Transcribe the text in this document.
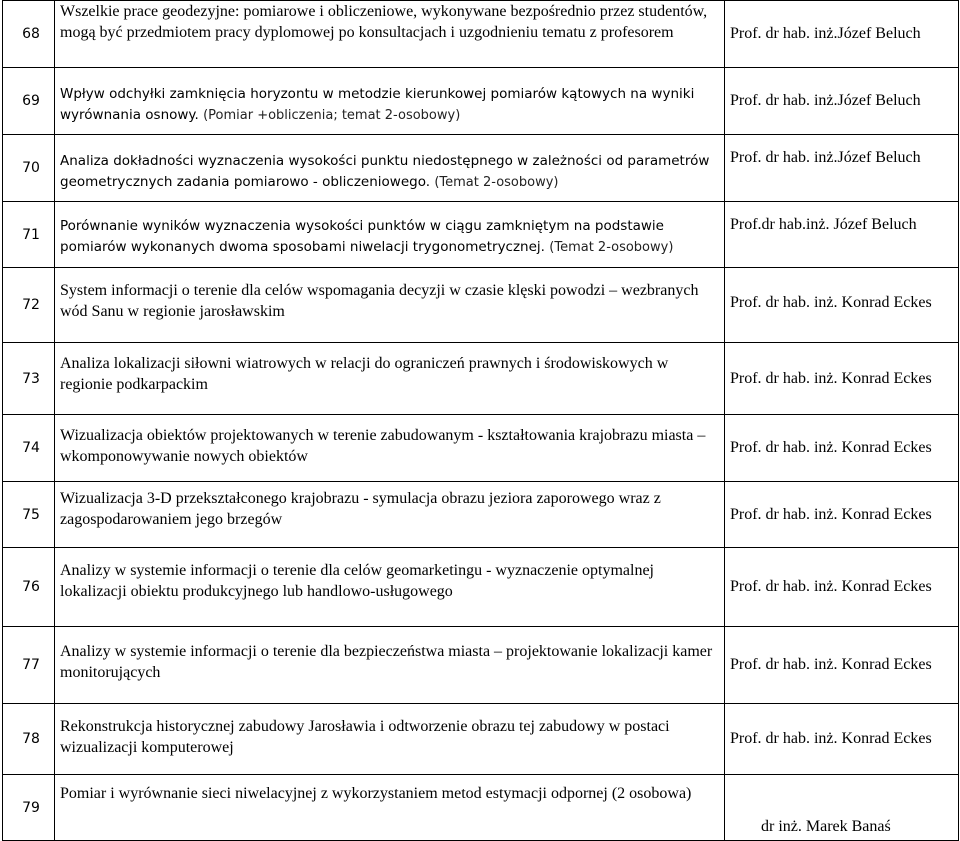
68	Wszelkie prace geodezyjne: pomiarowe i obliczeniowe, wykonywane bezpośrednio przez studentów, mogą być przedmiotem pracy dyplomowej po konsultacjach i uzgodnieniu tematu z profesorem	Prof. dr hab. inż.Józef Beluch
69	Wpływ odchyłki zamknięcia horyzontu w metodzie kierunkowej pomiarów kątowych na wyniki wyrównania osnowy. (Pomiar +obliczenia; temat 2-osobowy)	Prof. dr hab. inż.Józef Beluch
70	Analiza dokładności wyznaczenia wysokości punktu niedostępnego w zależności od parametrów geometrycznych zadania pomiarowo - obliczeniowego. (Temat 2-osobowy)	Prof. dr hab. inż.Józef Beluch
71	Porównanie wyników wyznaczenia wysokości punktów w ciągu zamkniętym na podstawie pomiarów wykonanych dwoma sposobami niwelacji trygonometrycznej. (Temat 2-osobowy)	Prof.dr hab.inż. Józef Beluch
72	System informacji o terenie dla celów wspomagania decyzji w czasie klęski powodzi – wezbranych wód Sanu w regionie jarosławskim	Prof. dr hab. inż. Konrad Eckes
73	Analiza lokalizacji siłowni wiatrowych w relacji do ograniczeń prawnych i środowiskowych w regionie podkarpackim	Prof. dr hab. inż. Konrad Eckes
74	Wizualizacja obiektów projektowanych w terenie zabudowanym - kształtowania krajobrazu miasta – wkomponowywanie nowych obiektów	Prof. dr hab. inż. Konrad Eckes
75	Wizualizacja 3-D przekształconego krajobrazu - symulacja obrazu jeziora zaporowego wraz z zagospodarowaniem jego brzegów	Prof. dr hab. inż. Konrad Eckes
76	Analizy w systemie informacji o terenie dla celów geomarketingu - wyznaczenie optymalnej lokalizacji obiektu produkcyjnego lub handlowo-usługowego	Prof. dr hab. inż. Konrad Eckes
77	Analizy w systemie informacji o terenie dla bezpieczeństwa miasta – projektowanie lokalizacji kamer monitorujących	Prof. dr hab. inż. Konrad Eckes
78	Rekonstrukcja historycznej zabudowy Jarosławia i odtworzenie obrazu tej zabudowy w postaci wizualizacji komputerowej	Prof. dr hab. inż. Konrad Eckes
79	Pomiar i wyrównanie sieci niwelacyjnej z wykorzystaniem metod estymacji odpornej (2 osobowa)	dr inż. Marek Banaś
